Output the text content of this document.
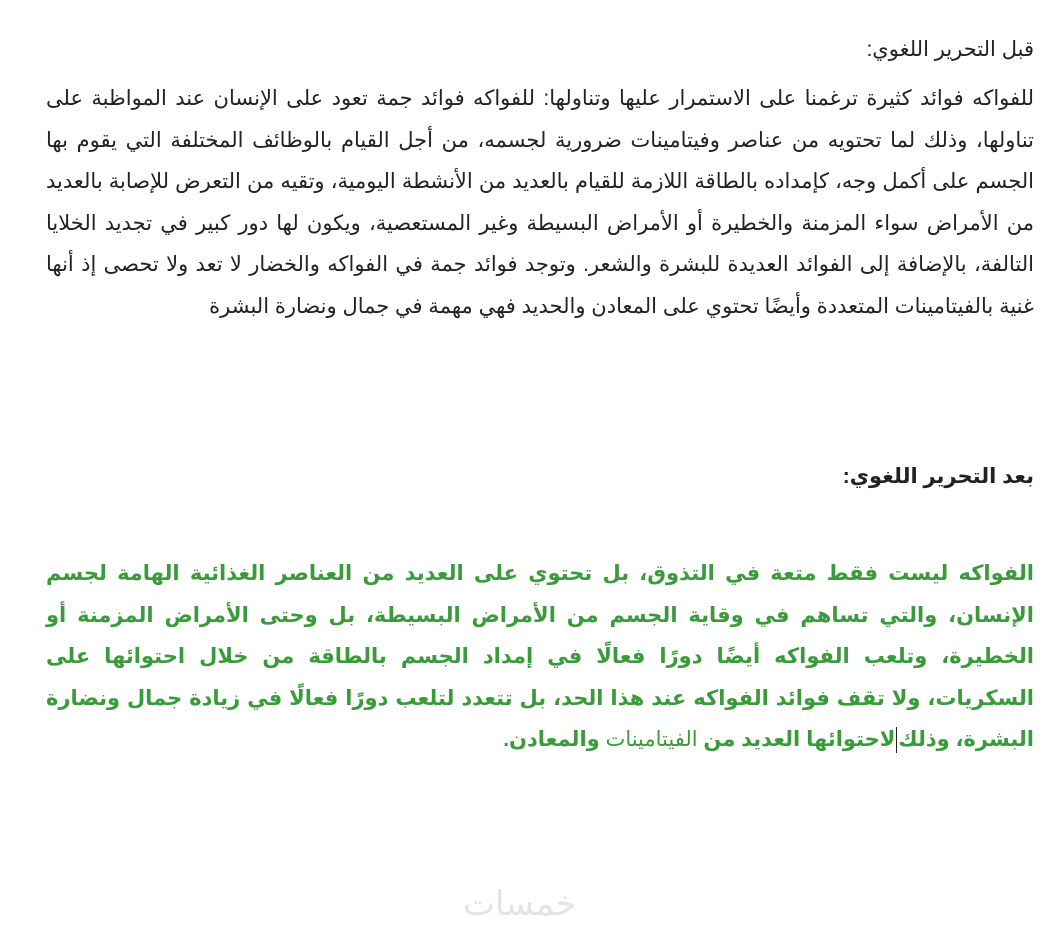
قبل التحرير اللغوي:

للفواكه فوائد كثيرة ترغمنا على الاستمرار عليها وتناولها: للفواكه فوائد جمة تعود على الإنسان عند المواظبة على تناولها، وذلك لما تحتويه من عناصر وفيتامينات ضرورية لجسمه، من أجل القيام بالوظائف المختلفة التي يقوم بها الجسم على أكمل وجه، كإمداده بالطاقة اللازمة للقيام بالعديد من الأنشطة اليومية، وتقيه من التعرض للإصابة بالعديد من الأمراض سواء المزمنة والخطيرة أو الأمراض البسيطة وغير المستعصية، ويكون لها دور كبير في تجديد الخلايا التالفة، بالإضافة إلى الفوائد العديدة للبشرة والشعر. وتوجد فوائد جمة في الفواكه والخضار لا تعد ولا تحصى إذ أنها غنية بالفيتامينات المتعددة وأيضًا تحتوي على المعادن والحديد فهي مهمة في جمال ونضارة البشرة

بعد التحرير اللغوي:

الفواكه ليست فقط متعة في التذوق، بل تحتوي على العديد من العناصر الغذائية الهامة لجسم الإنسان، والتي تساهم في وقاية الجسم من الأمراض البسيطة، بل وحتى الأمراض المزمنة أو الخطيرة، وتلعب الفواكه أيضًا دورًا فعالًا في إمداد الجسم بالطاقة من خلال احتوائها على السكريات، ولا تقف فوائد الفواكه عند هذا الحد، بل تتعدد لتلعب دورًا فعالًا في زيادة جمال ونضارة البشرة، وذلكلاحتوائها العديد من الفيتامينات والمعادن.

خمسات
